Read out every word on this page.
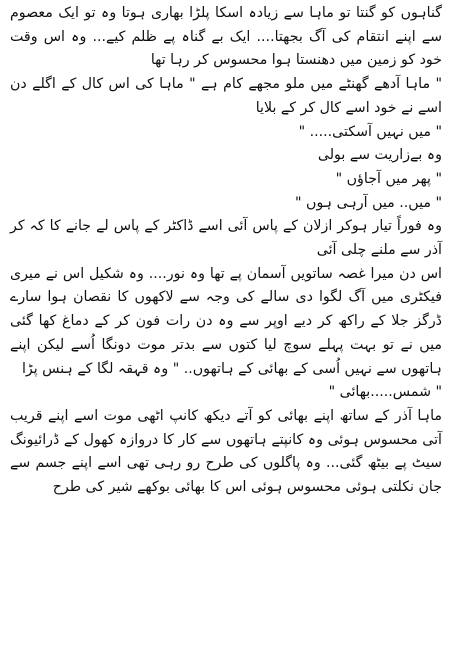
گناہوں کو گنتا تو ماہا سے زیادہ اسکا پلڑا بھاری ہوتا وہ تو ایک معصوم سے اپنے انتقام کی آگ بجھتا.... ایک بے گناہ پے ظلم کیے... وہ اس وقت خود کو زمین میں دھنستا ہوا محسوس کر رہا تھا

" ماہا آدھے گھنٹے میں ملو مجھے کام ہے " ماہا کی اس کال کے اگلے دن اسے نے خود اسے کال کر کے بلایا

" میں نہیں آسکتی..... "

وہ بےزاریت سے بولی

" پھر میں آجاؤں "

" میں.. میں آرہی ہوں "

وہ فوراً تیار ہوکر ازلان کے پاس آئی اسے ڈاکٹر کے پاس لے جانے کا کہ کر آذر سے ملنے چلی آئی

اس دن میرا غصہ ساتویں آسمان پے تھا وہ نور.... وہ شکیل اس نے میری فیکٹری میں آگ لگوا دی سالے کی وجہ سے لاکھوں کا نقصان ہوا سارے ڈرگز جلا کے راکھ کر دیے اوپر سے وہ دن رات فون کر کے دماغ کھا گئی میں نے تو بہت پہلے سوچ لیا کتوں سے بدتر موت دونگا اُسے لیکن اپنے ہاتھوں سے نہیں اُسی کے بھائی کے ہاتھوں.. " وہ قہقہ لگا کے ہنس پڑا

" شمس.....بھائی "

ماہا آذر کے ساتھ اپنے بھائی کو آتے دیکھ کانپ اٹھی موت اسے اپنے قریب آتی محسوس ہوئی وہ کانپتے ہاتھوں سے کار کا دروازہ کھول کے ڈرائیونگ سیٹ پے بیٹھ گئی... وہ پاگلوں کی طرح رو رہی تھی اسے اپنے جسم سے جان نکلتی ہوئی محسوس ہوئی اس کا بھائی بوکھے شیر کی طرح
